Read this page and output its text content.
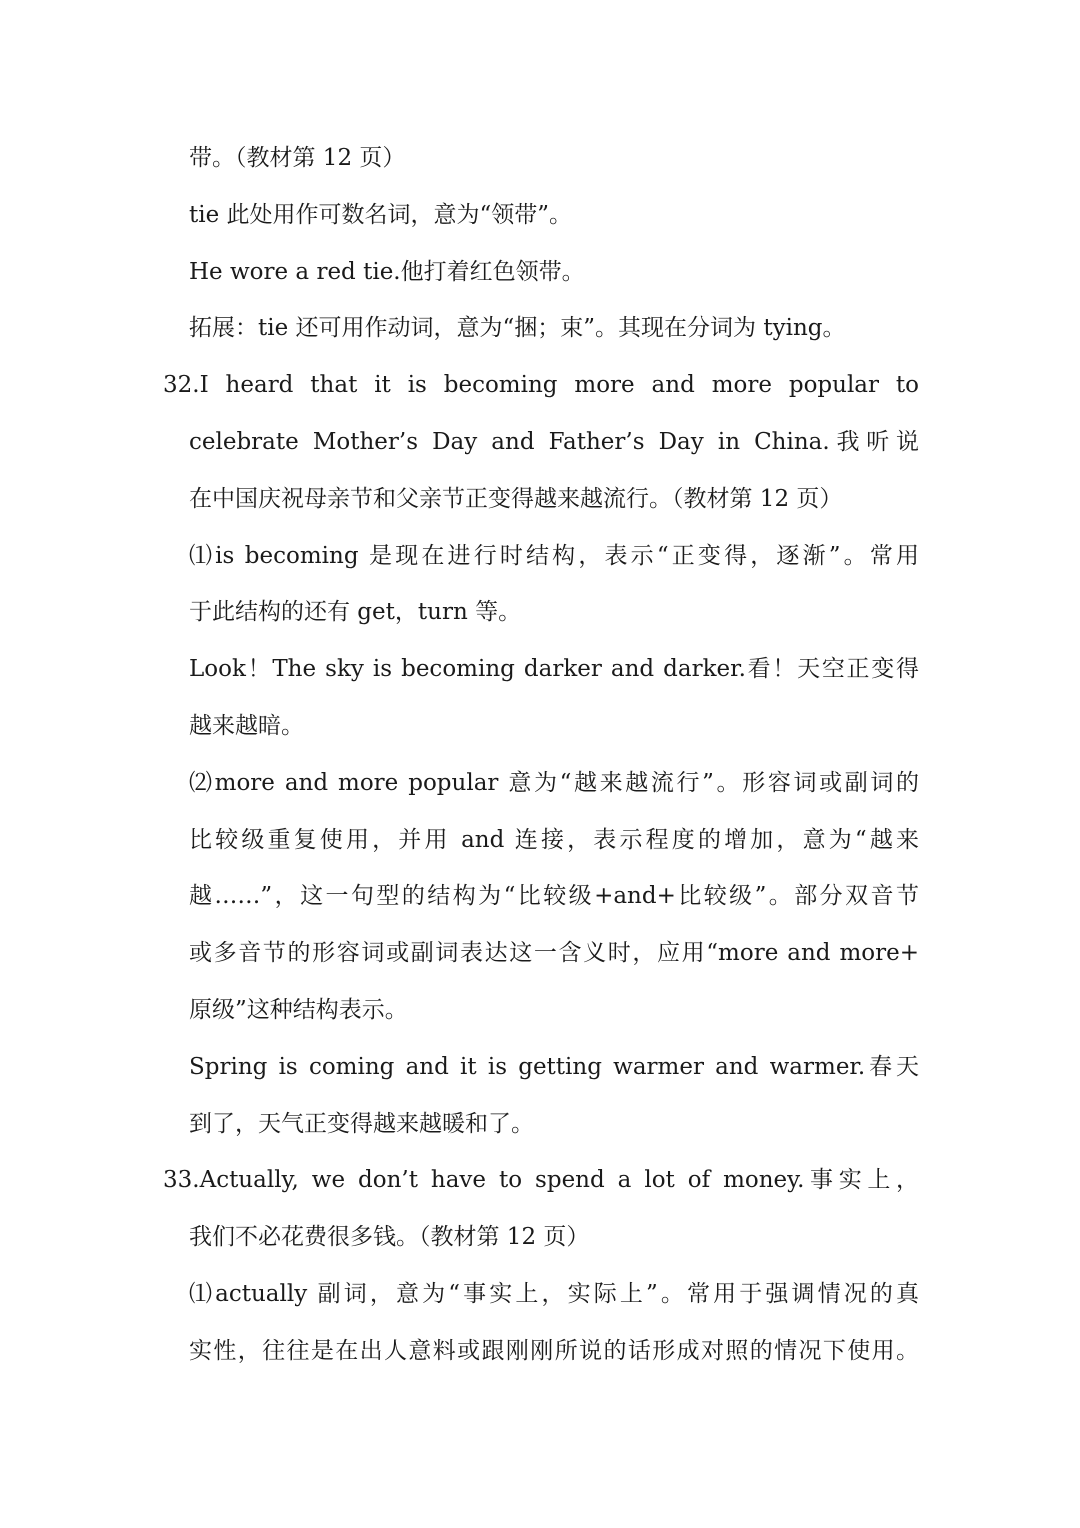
带。（教材第 12 页）
tie 此处用作可数名词，意为“领带”。
He wore a red tie.他打着红色领带。
拓展：tie 还可用作动词，意为“捆；束”。其现在分词为 tying。
32.I heard that it is becoming more and more popular to
celebrate Mother’s Day and Father’s Day in China.我听说
在中国庆祝母亲节和父亲节正变得越来越流行。（教材第 12 页）
⑴is becoming 是现在进行时结构，表示“正变得，逐渐”。常用
于此结构的还有 get，turn 等。
Look！The sky is becoming darker and darker.看！天空正变得
越来越暗。
⑵more and more popular 意为“越来越流行”。形容词或副词的
比较级重复使用，并用 and 连接，表示程度的增加，意为“越来
越……”，这一句型的结构为“比较级+and+比较级”。部分双音节
或多音节的形容词或副词表达这一含义时，应用“more and more+
原级”这种结构表示。
Spring is coming and it is getting warmer and warmer.春天
到了，天气正变得越来越暖和了。
33.Actually, we don’t have to spend a lot of money.事实上，
我们不必花费很多钱。（教材第 12 页）
⑴actually 副词，意为“事实上，实际上”。常用于强调情况的真
实性，往往是在出人意料或跟刚刚所说的话形成对照的情况下使用。
